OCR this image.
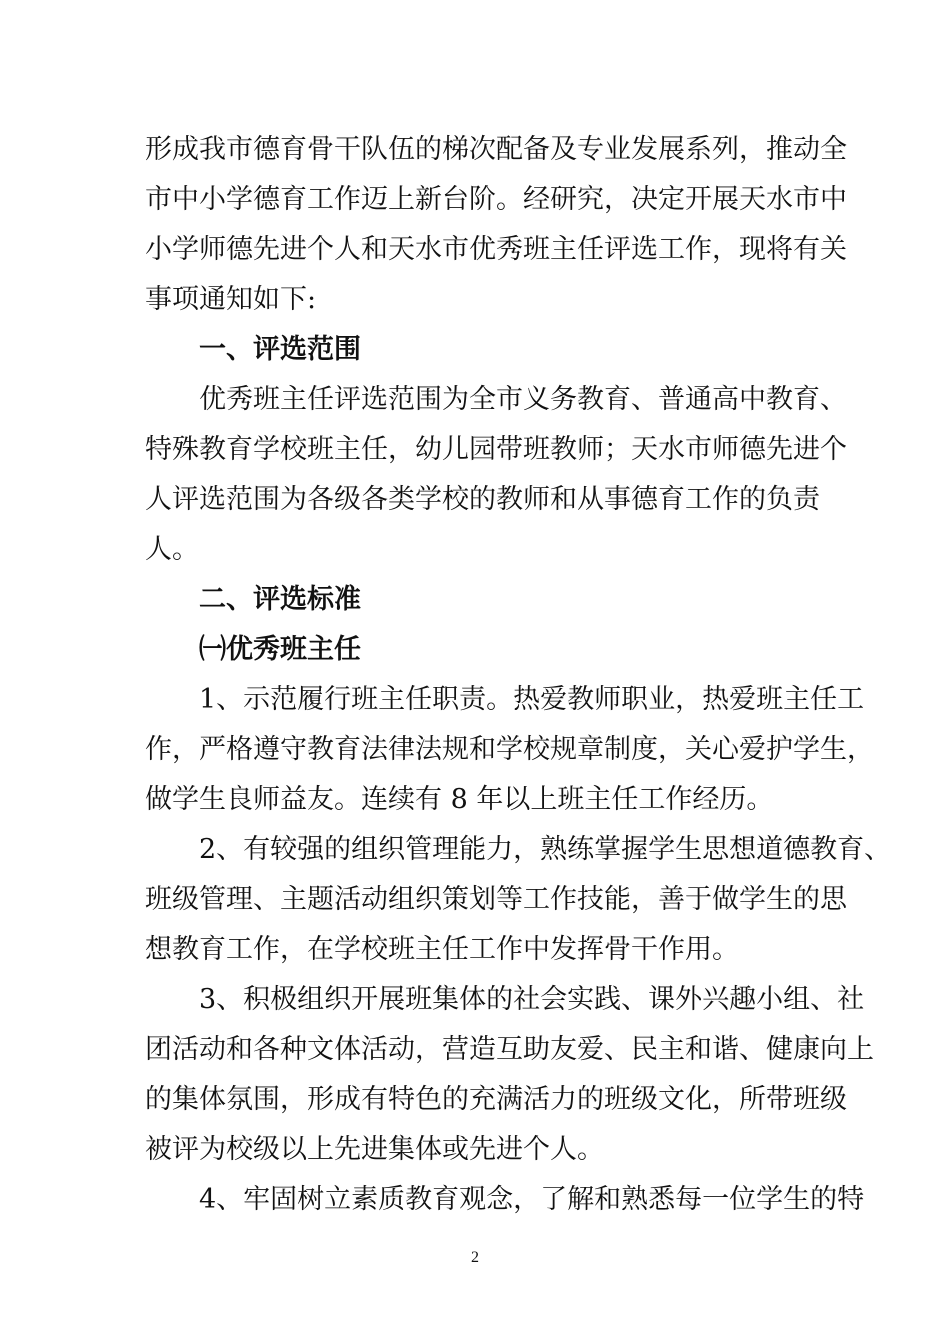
形成我市德育骨干队伍的梯次配备及专业发展系列，推动全
市中小学德育工作迈上新台阶。经研究，决定开展天水市中
小学师德先进个人和天水市优秀班主任评选工作，现将有关
事项通知如下:
一、评选范围
优秀班主任评选范围为全市义务教育、普通高中教育、
特殊教育学校班主任，幼儿园带班教师；天水市师德先进个
人评选范围为各级各类学校的教师和从事德育工作的负责
人。
二、评选标准
㈠优秀班主任
1、示范履行班主任职责。热爱教师职业，热爱班主任工
作，严格遵守教育法律法规和学校规章制度，关心爱护学生，
做学生良师益友。连续有 8 年以上班主任工作经历。
2、有较强的组织管理能力，熟练掌握学生思想道德教育、
班级管理、主题活动组织策划等工作技能，善于做学生的思
想教育工作，在学校班主任工作中发挥骨干作用。
3、积极组织开展班集体的社会实践、课外兴趣小组、社
团活动和各种文体活动，营造互助友爱、民主和谐、健康向上
的集体氛围，形成有特色的充满活力的班级文化，所带班级
被评为校级以上先进集体或先进个人。
4、牢固树立素质教育观念，了解和熟悉每一位学生的特
2
